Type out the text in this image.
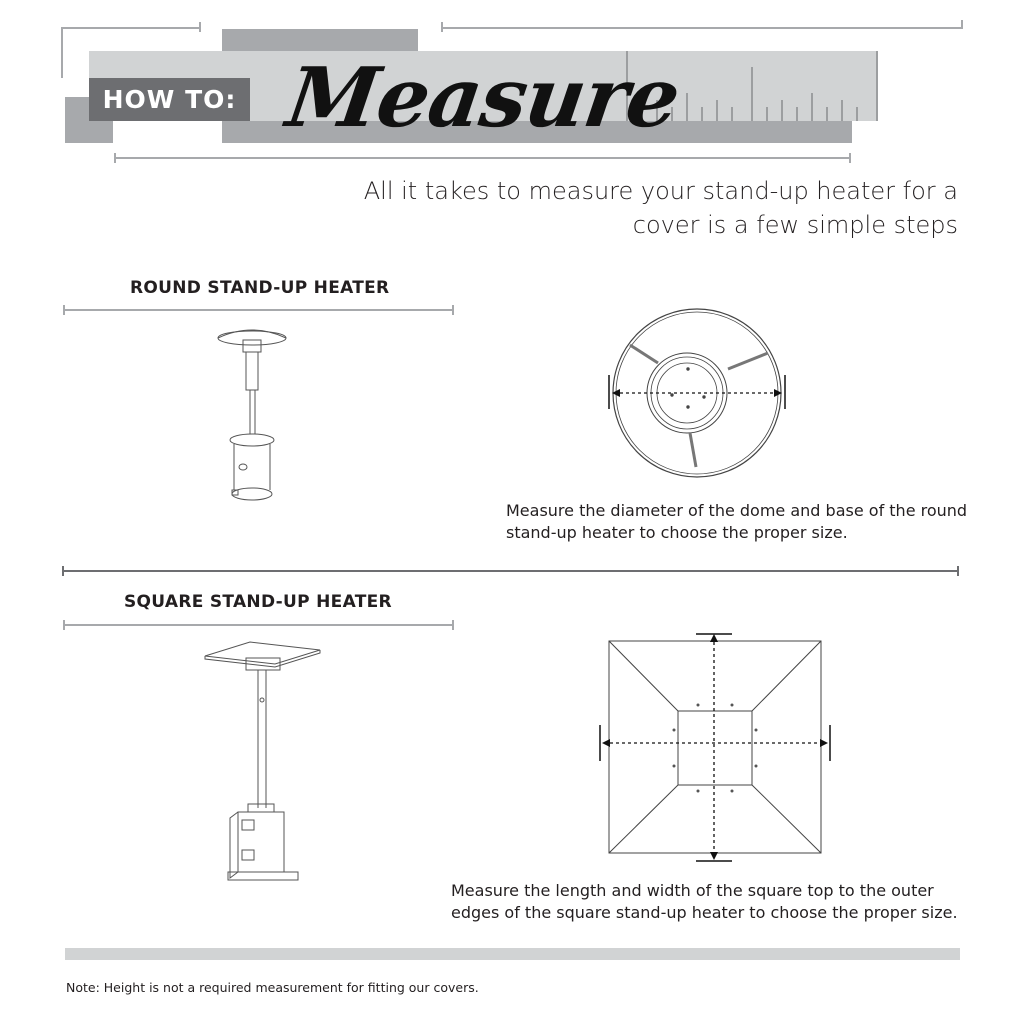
HOW TO: Measure
All it takes to measure your stand-up heater for a
cover is a few simple steps
ROUND STAND-UP HEATER
Measure the diameter of the dome and base of the round
stand-up heater to choose the proper size.
SQUARE STAND-UP HEATER
Measure the length and width of the square top to the outer
edges of the square stand-up heater to choose the proper size.
Note: Height is not a required measurement for fitting our covers.
